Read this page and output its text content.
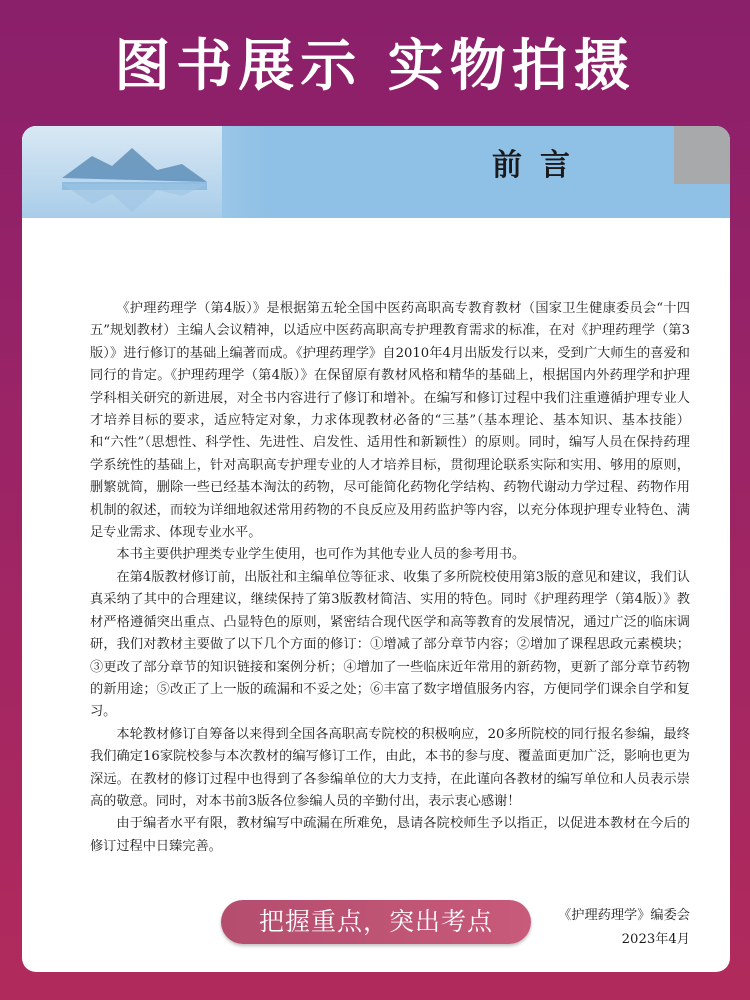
图书展示 实物拍摄
前言

《护理药理学（第4版）》是根据第五轮全国中医药高职高专教育教材（国家卫生健康委员会“十四五”规划教材）主编人会议精神，以适应中医药高职高专护理教育需求的标准，在对《护理药理学（第3版）》进行修订的基础上编著而成。《护理药理学》自2010年4月出版发行以来，受到广大师生的喜爱和同行的肯定。《护理药理学（第4版）》在保留原有教材风格和精华的基础上，根据国内外药理学和护理学科相关研究的新进展，对全书内容进行了修订和增补。在编写和修订过程中我们注重遵循护理专业人才培养目标的要求，适应特定对象，力求体现教材必备的“三基”（基本理论、基本知识、基本技能）和“六性”（思想性、科学性、先进性、启发性、适用性和新颖性）的原则。同时，编写人员在保持药理学系统性的基础上，针对高职高专护理专业的人才培养目标，贯彻理论联系实际和实用、够用的原则，删繁就简，删除一些已经基本淘汰的药物，尽可能简化药物化学结构、药物代谢动力学过程、药物作用机制的叙述，而较为详细地叙述常用药物的不良反应及用药监护等内容，以充分体现护理专业特色、满足专业需求、体现专业水平。

本书主要供护理类专业学生使用，也可作为其他专业人员的参考用书。

在第4版教材修订前，出版社和主编单位等征求、收集了多所院校使用第3版的意见和建议，我们认真采纳了其中的合理建议，继续保持了第3版教材简洁、实用的特色。同时《护理药理学（第4版）》教材严格遵循突出重点、凸显特色的原则，紧密结合现代医学和高等教育的发展情况，通过广泛的临床调研，我们对教材主要做了以下几个方面的修订：①增减了部分章节内容；②增加了课程思政元素模块；③更改了部分章节的知识链接和案例分析；④增加了一些临床近年常用的新药物，更新了部分章节药物的新用途；⑤改正了上一版的疏漏和不妥之处；⑥丰富了数字增值服务内容，方便同学们课余自学和复习。

本轮教材修订自筹备以来得到全国各高职高专院校的积极响应，20多所院校的同行报名参编，最终我们确定16家院校参与本次教材的编写修订工作，由此，本书的参与度、覆盖面更加广泛，影响也更为深远。在教材的修订过程中也得到了各参编单位的大力支持，在此谨向各教材的编写单位和人员表示崇高的敬意。同时，对本书前3版各位参编人员的辛勤付出，表示衷心感谢！

由于编者水平有限，教材编写中疏漏在所难免，恳请各院校师生予以指正，以促进本教材在今后的修订过程中日臻完善。

把握重点，突出考点	《护理药理学》编委会
2023年4月
